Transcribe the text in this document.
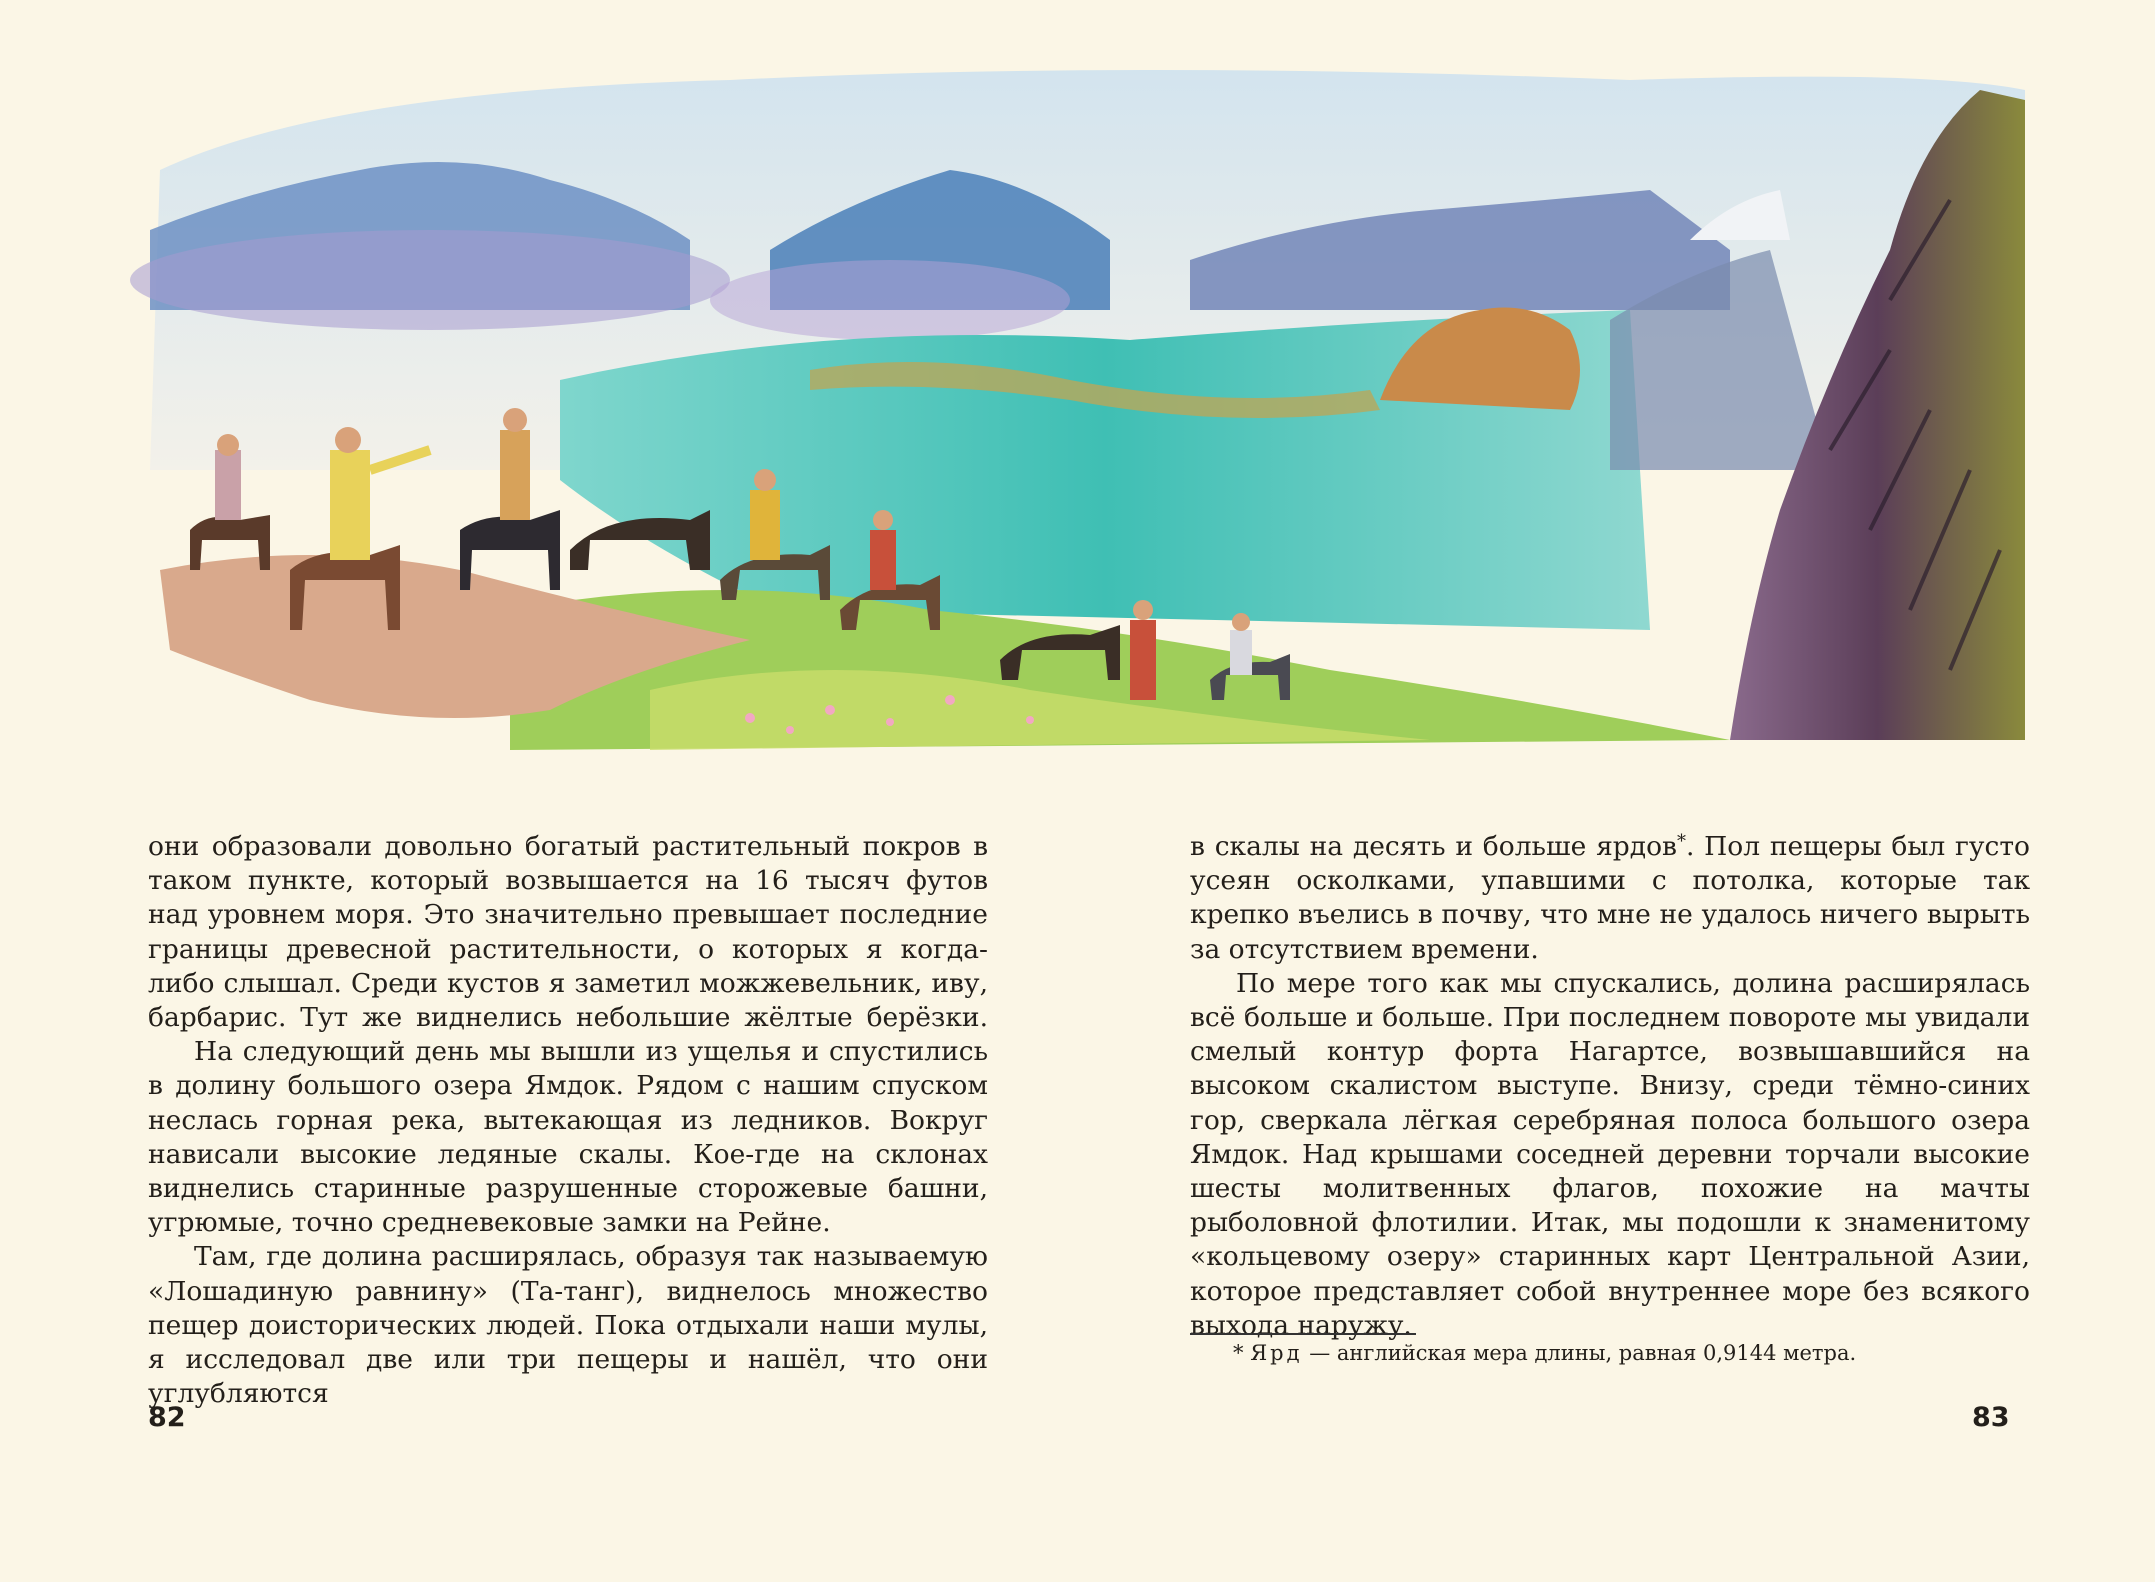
они образовали довольно богатый растительный покров в таком пункте, который возвышается на 16 тысяч футов над уровнем моря. Это значительно превышает последние границы древесной растительности, о которых я когда-либо слышал. Среди кустов я заметил можжевельник, иву, барбарис. Тут же виднелись небольшие жёлтые берёзки.

На следующий день мы вышли из ущелья и спустились в долину большого озера Ямдок. Рядом с нашим спуском неслась горная река, вытекающая из ледников. Вокруг нависали высокие ледяные скалы. Кое-где на склонах виднелись старинные разрушенные сторожевые башни, угрюмые, точно средневековые замки на Рейне.

Там, где долина расширялась, образуя так называемую «Лошадиную равнину» (Та-танг), виднелось множество пещер доисторических людей. Пока отдыхали наши мулы, я исследовал две или три пещеры и нашёл, что они углубляются

в скалы на десять и больше ярдов*. Пол пещеры был густо усеян осколками, упавшими с потолка, которые так крепко въелись в почву, что мне не удалось ничего вырыть за отсутствием времени.

По мере того как мы спускались, долина расширялась всё больше и больше. При последнем повороте мы увидали смелый контур форта Нагартсе, возвышавшийся на высоком скалистом выступе. Внизу, среди тёмно-синих гор, сверкала лёгкая серебряная полоса большого озера Ямдок. Над крышами соседней деревни торчали высокие шесты молитвенных флагов, похожие на мачты рыболовной флотилии. Итак, мы подошли к знаменитому «кольцевому озеру» старинных карт Центральной Азии, которое представляет собой внутреннее море без всякого выхода наружу.

* Ярд — английская мера длины, равная 0,9144 метра.
82	83
